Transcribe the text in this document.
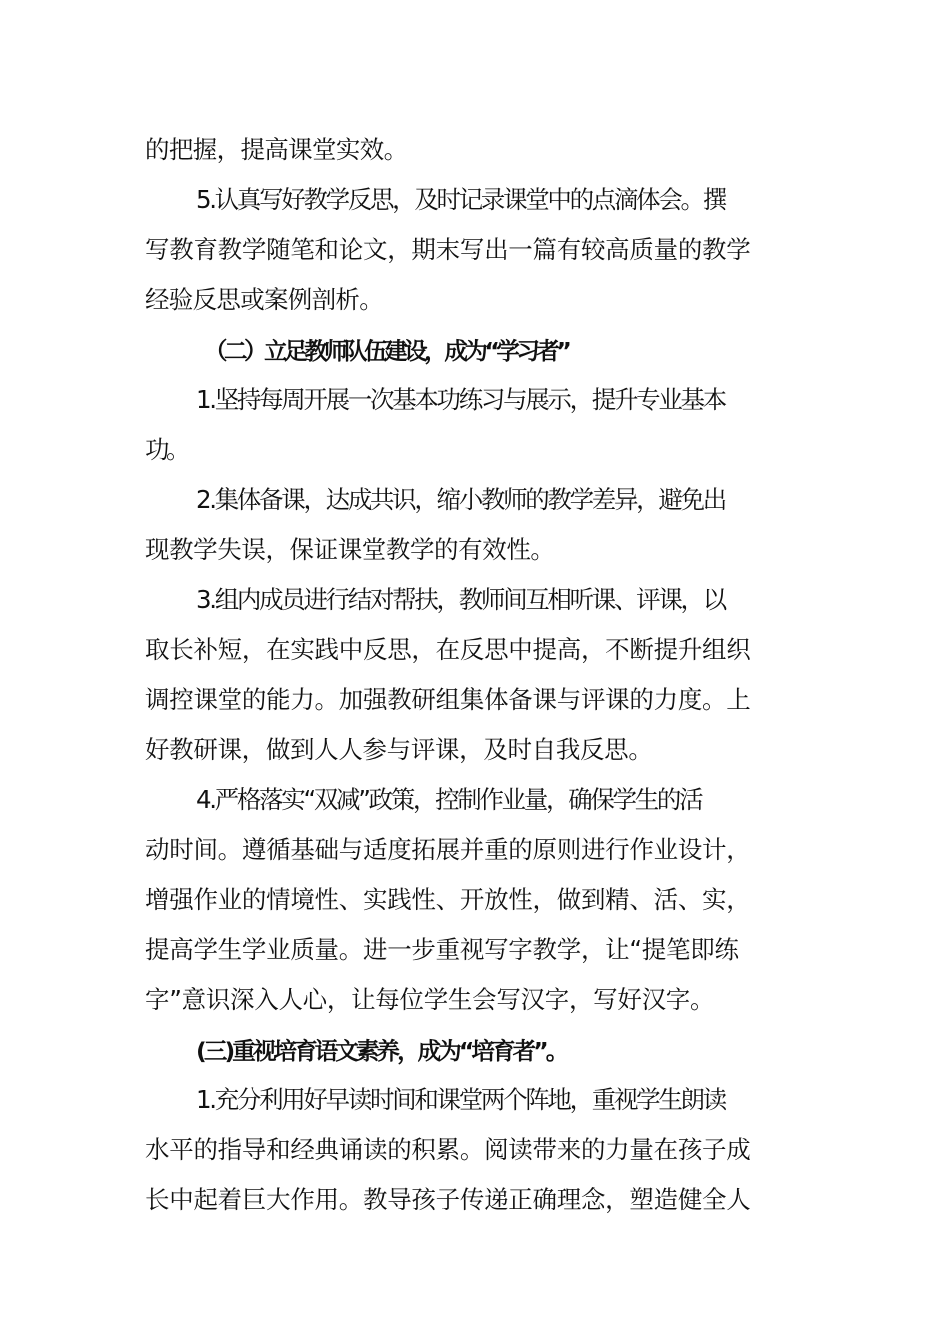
的把握，提高课堂实效。
5.认真写好教学反思，及时记录课堂中的点滴体会。撰
写教育教学随笔和论文，期末写出一篇有较高质量的教学
经验反思或案例剖析。
（二）立足教师队伍建设，成为“学习者”
1.坚持每周开展一次基本功练习与展示，提升专业基本
功。
2.集体备课，达成共识，缩小教师的教学差异，避免出
现教学失误，保证课堂教学的有效性。
3.组内成员进行结对帮扶，教师间互相听课、评课，以
取长补短，在实践中反思，在反思中提高，不断提升组织
调控课堂的能力。加强教研组集体备课与评课的力度。上
好教研课，做到人人参与评课，及时自我反思。
4.严格落实“双减”政策，控制作业量，确保学生的活
动时间。遵循基础与适度拓展并重的原则进行作业设计，
增强作业的情境性、实践性、开放性，做到精、活、实，
提高学生学业质量。进一步重视写字教学，让“提笔即练
字”意识深入人心，让每位学生会写汉字，写好汉字。
(三)重视培育语文素养，成为“培育者”。
1.充分利用好早读时间和课堂两个阵地，重视学生朗读
水平的指导和经典诵读的积累。阅读带来的力量在孩子成
长中起着巨大作用。教导孩子传递正确理念，塑造健全人
